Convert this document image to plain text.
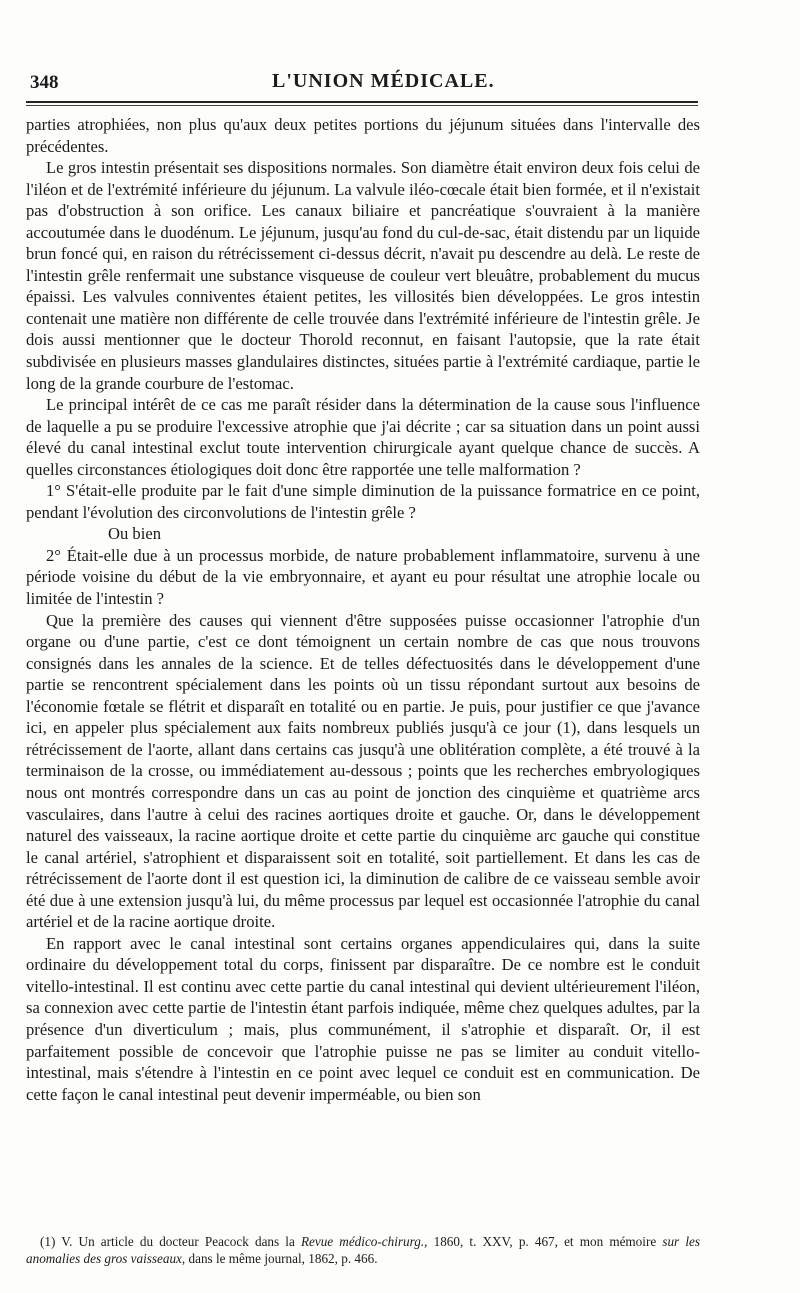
348	L'UNION MÉDICALE.

parties atrophiées, non plus qu'aux deux petites portions du jéjunum situées dans l'intervalle des précédentes.

Le gros intestin présentait ses dispositions normales. Son diamètre était environ deux fois celui de l'iléon et de l'extrémité inférieure du jéjunum. La valvule iléo-cœcale était bien formée, et il n'existait pas d'obstruction à son orifice. Les canaux biliaire et pancréatique s'ouvraient à la manière accoutumée dans le duodénum. Le jéjunum, jusqu'au fond du cul-de-sac, était distendu par un liquide brun foncé qui, en raison du rétrécissement ci-dessus décrit, n'avait pu descendre au delà. Le reste de l'intestin grêle renfermait une substance visqueuse de couleur vert bleuâtre, probablement du mucus épaissi. Les valvules conniventes étaient petites, les villosités bien développées. Le gros intestin contenait une matière non différente de celle trouvée dans l'extrémité inférieure de l'intestin grêle. Je dois aussi mentionner que le docteur Thorold reconnut, en faisant l'autopsie, que la rate était subdivisée en plusieurs masses glandulaires distinctes, situées partie à l'extrémité cardiaque, partie le long de la grande courbure de l'estomac.

Le principal intérêt de ce cas me paraît résider dans la détermination de la cause sous l'influence de laquelle a pu se produire l'excessive atrophie que j'ai décrite ; car sa situation dans un point aussi élevé du canal intestinal exclut toute intervention chirurgicale ayant quelque chance de succès. A quelles circonstances étiologiques doit donc être rapportée une telle malformation ?

1° S'était-elle produite par le fait d'une simple diminution de la puissance formatrice en ce point, pendant l'évolution des circonvolutions de l'intestin grêle ?

Ou bien

2° Était-elle due à un processus morbide, de nature probablement inflammatoire, survenu à une période voisine du début de la vie embryonnaire, et ayant eu pour résultat une atrophie locale ou limitée de l'intestin ?

Que la première des causes qui viennent d'être supposées puisse occasionner l'atrophie d'un organe ou d'une partie, c'est ce dont témoignent un certain nombre de cas que nous trouvons consignés dans les annales de la science. Et de telles défectuosités dans le développement d'une partie se rencontrent spécialement dans les points où un tissu répondant surtout aux besoins de l'économie fœtale se flétrit et disparaît en totalité ou en partie. Je puis, pour justifier ce que j'avance ici, en appeler plus spécialement aux faits nombreux publiés jusqu'à ce jour (1), dans lesquels un rétrécissement de l'aorte, allant dans certains cas jusqu'à une oblitération complète, a été trouvé à la terminaison de la crosse, ou immédiatement au-dessous ; points que les recherches embryologiques nous ont montrés correspondre dans un cas au point de jonction des cinquième et quatrième arcs vasculaires, dans l'autre à celui des racines aortiques droite et gauche. Or, dans le développement naturel des vaisseaux, la racine aortique droite et cette partie du cinquième arc gauche qui constitue le canal artériel, s'atrophient et disparaissent soit en totalité, soit partiellement. Et dans les cas de rétrécissement de l'aorte dont il est question ici, la diminution de calibre de ce vaisseau semble avoir été due à une extension jusqu'à lui, du même processus par lequel est occasionnée l'atrophie du canal artériel et de la racine aortique droite.

En rapport avec le canal intestinal sont certains organes appendiculaires qui, dans la suite ordinaire du développement total du corps, finissent par disparaître. De ce nombre est le conduit vitello-intestinal. Il est continu avec cette partie du canal intestinal qui devient ultérieurement l'iléon, sa connexion avec cette partie de l'intestin étant parfois indiquée, même chez quelques adultes, par la présence d'un diverticulum ; mais, plus communément, il s'atrophie et disparaît. Or, il est parfaitement possible de concevoir que l'atrophie puisse ne pas se limiter au conduit vitello-intestinal, mais s'étendre à l'intestin en ce point avec lequel ce conduit est en communication. De cette façon le canal intestinal peut devenir imperméable, ou bien son

(1) V. Un article du docteur Peacock dans la Revue médico-chirurg., 1860, t. XXV, p. 467, et mon mémoire sur les anomalies des gros vaisseaux, dans le même journal, 1862, p. 466.
